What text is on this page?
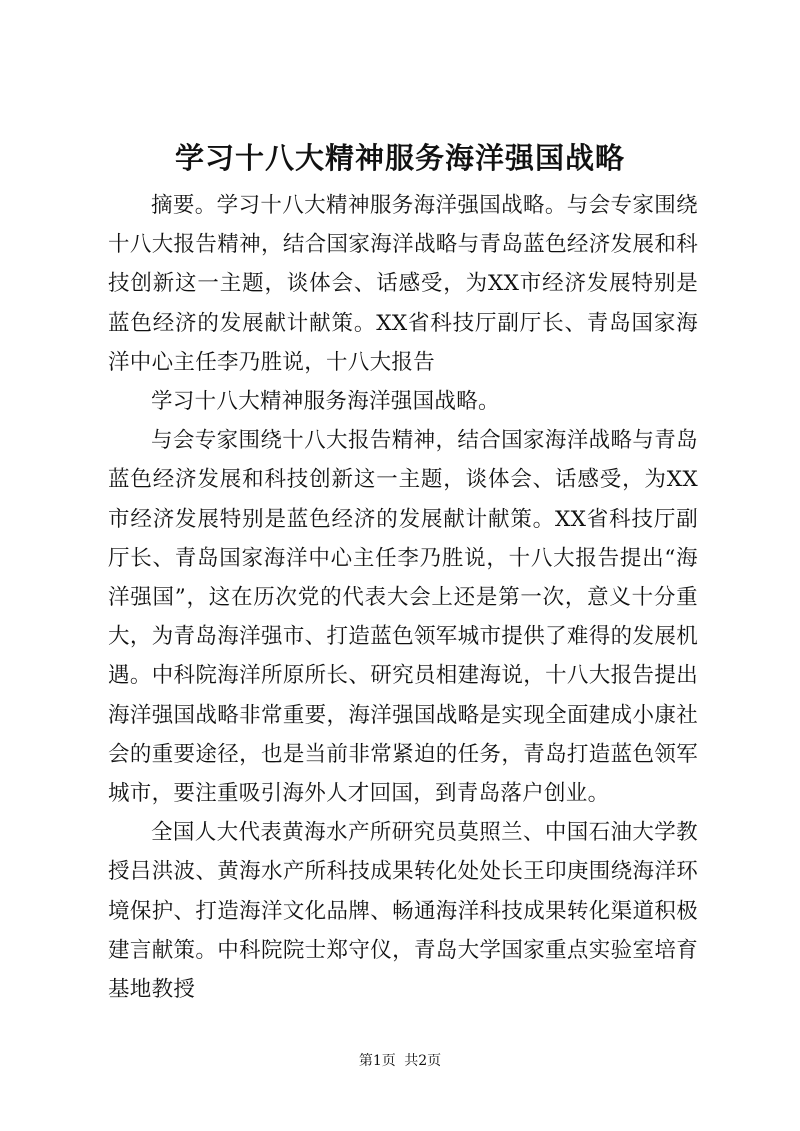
学习十八大精神服务海洋强国战略

摘要。学习十八大精神服务海洋强国战略。与会专家围绕十八大报告精神，结合国家海洋战略与青岛蓝色经济发展和科技创新这一主题，谈体会、话感受，为XX市经济发展特别是蓝色经济的发展献计献策。XX省科技厅副厅长、青岛国家海洋中心主任李乃胜说，十八大报告

学习十八大精神服务海洋强国战略。

与会专家围绕十八大报告精神，结合国家海洋战略与青岛蓝色经济发展和科技创新这一主题，谈体会、话感受，为XX市经济发展特别是蓝色经济的发展献计献策。XX省科技厅副厅长、青岛国家海洋中心主任李乃胜说，十八大报告提出“海洋强国”，这在历次党的代表大会上还是第一次，意义十分重大，为青岛海洋强市、打造蓝色领军城市提供了难得的发展机遇。中科院海洋所原所长、研究员相建海说，十八大报告提出海洋强国战略非常重要，海洋强国战略是实现全面建成小康社会的重要途径，也是当前非常紧迫的任务，青岛打造蓝色领军城市，要注重吸引海外人才回国，到青岛落户创业。

全国人大代表黄海水产所研究员莫照兰、中国石油大学教授吕洪波、黄海水产所科技成果转化处处长王印庚围绕海洋环境保护、打造海洋文化品牌、畅通海洋科技成果转化渠道积极建言献策。中科院院士郑守仪，青岛大学国家重点实验室培育基地教授

第1页 共2页
